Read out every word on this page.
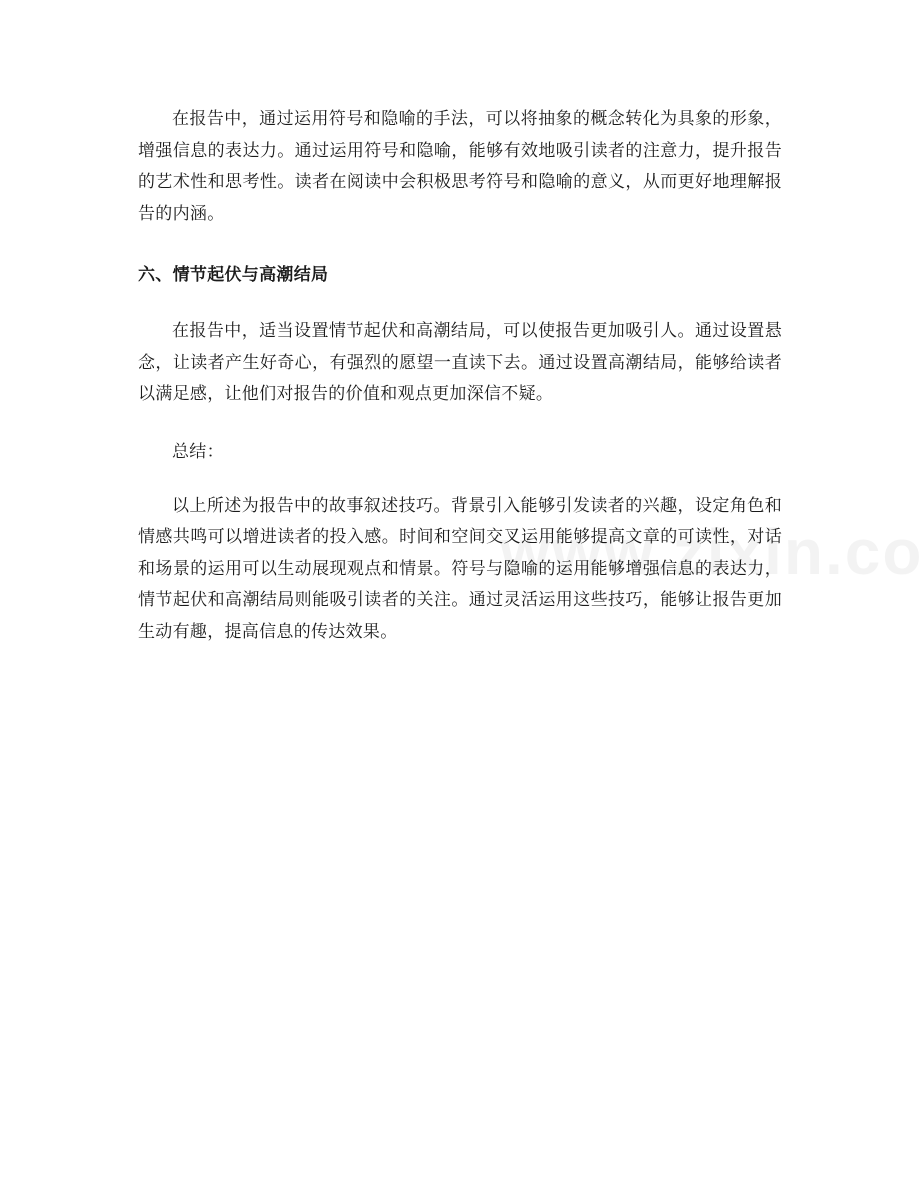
在报告中，通过运用符号和隐喻的手法，可以将抽象的概念转化为具象的形象，增强信息的表达力。通过运用符号和隐喻，能够有效地吸引读者的注意力，提升报告的艺术性和思考性。读者在阅读中会积极思考符号和隐喻的意义，从而更好地理解报告的内涵。

六、情节起伏与高潮结局

在报告中，适当设置情节起伏和高潮结局，可以使报告更加吸引人。通过设置悬念，让读者产生好奇心，有强烈的愿望一直读下去。通过设置高潮结局，能够给读者以满足感，让他们对报告的价值和观点更加深信不疑。

总结：

以上所述为报告中的故事叙述技巧。背景引入能够引发读者的兴趣，设定角色和情感共鸣可以增进读者的投入感。时间和空间交叉运用能够提高文章的可读性，对话和场景的运用可以生动展现观点和情景。符号与隐喻的运用能够增强信息的表达力，情节起伏和高潮结局则能吸引读者的关注。通过灵活运用这些技巧，能够让报告更加生动有趣，提高信息的传达效果。
